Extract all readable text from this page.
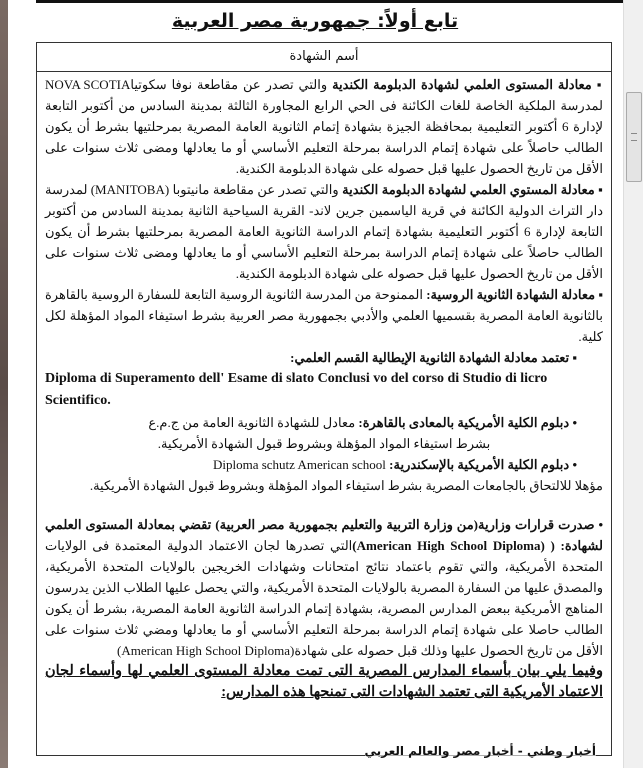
تابع أولاً: جمهورية مصر العربية
أسم الشهادة

▪ معادلة المستوى العلمي لشهادة الدبلومة الكندية والتي تصدر عن مقاطعة نوفا سكوتياNOVA SCOTIA لمدرسة الملكية الخاصة للغات الكائنة فى الحي الرابع المجاورة الثالثة بمدينة السادس من أكتوبر التابعة لإدارة 6 أكتوبر التعليمية بمحافظة الجيزة بشهادة إتمام الثانوية العامة المصرية بمرحلتيها بشرط أن يكون الطالب حاصلاً على شهادة إتمام الدراسة بمرحلة التعليم الأساسي أو ما يعادلها ومضى ثلاث سنوات على الأقل من تاريخ الحصول عليها قبل حصوله على شهادة الدبلومة الكندية.

▪ معادلة المستوي العلمي لشهادة الدبلومة الكندية والتي تصدر عن مقاطعة مانيتوبا (MANITOBA) لمدرسة دار التراث الدولية الكائنة في قرية الياسمين جرين لاند- القرية السياحية الثانية بمدينة السادس من أكتوبر التابعة لإدارة 6 أكتوبر التعليمية بشهادة إتمام الدراسة الثانوية العامة المصرية بمرحلتيها بشرط أن يكون الطالب حاصلاً على شهادة إتمام الدراسة بمرحلة التعليم الأساسي أو ما يعادلها ومضى ثلاث سنوات على الأقل من تاريخ الحصول عليها قبل حصوله على شهادة الدبلومة الكندية.

▪ معادلة الشهادة الثانوية الروسية: الممنوحة من المدرسة الثانوية الروسية التابعة للسفارة الروسية بالقاهرة بالثانوية العامة المصرية بقسميها العلمي والأدبي بجمهورية مصر العربية بشرط استيفاء المواد المؤهلة لكل كلية.

▪ تعتمد معادلة الشهادة الثانوية الإيطالية القسم العلمي:

Diploma di Superamento dell' Esame di slato Conclusi vo del corso di Studio di licro Scientifico.

• دبلوم الكلية الأمريكية بالمعادى بالقاهرة: معادل للشهادة الثانوية العامة من ج.م.ع

بشرط استيفاء المواد المؤهلة وبشروط قبول الشهادة الأمريكية.

• دبلوم الكلية الأمريكية بالإسكندرية: Diploma schutz American school

مؤهلا للالتحاق بالجامعات المصرية بشرط استيفاء المواد المؤهلة وبشروط قبول الشهادة الأمريكية.

• صدرت قرارات وزارية(من وزارة التربية والتعليم بجمهورية مصر العربية) تقضي بمعادلة المستوى العلمي لشهادة: ( (American High School Diploma)التي تصدرها لجان الاعتماد الدولية المعتمدة فى الولايات المتحدة الأمريكية، والتي تقوم باعتماد نتائج امتحانات وشهادات الخريجين بالولايات المتحدة الأمريكية، والمصدق عليها من السفارة المصرية بالولايات المتحدة الأمريكية، والتي يحصل عليها الطلاب الذين يدرسون المناهج الأمريكية ببعض المدارس المصرية، بشهادة إتمام الدراسة الثانوية العامة المصرية، بشرط أن يكون الطالب حاصلا على شهادة إتمام الدراسة بمرحلة التعليم الأساسي أو ما يعادلها ومضي ثلاث سنوات على الأقل من تاريخ الحصول عليها وذلك قبل حصوله على شهادة(American High School Diploma)

وفيما يلي بيان بأسماء المدارس المصرية التى تمت معادلة المستوى العلمي لها وأسماء لجان الاعتماد الأمريكية التى تعتمد الشهادات التى تمنحها هذه المدارس:

أخبار وطني - أخبار مصر والعالم العربي
